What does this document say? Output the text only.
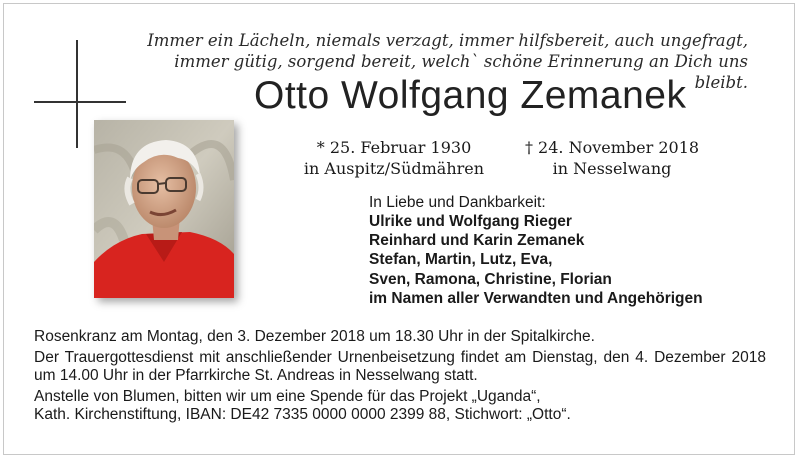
Immer ein Lächeln, niemals verzagt, immer hilfsbereit, auch ungefragt,
immer gütig, sorgend bereit, welch` schöne Erinnerung an Dich uns bleibt.
Otto Wolfgang Zemanek
* 25. Februar 1930
in Auspitz/Südmähren
† 24. November 2018
in Nesselwang
In Liebe und Dankbarkeit:
Ulrike und Wolfgang Rieger
Reinhard und Karin Zemanek
Stefan, Martin, Lutz, Eva,
Sven, Ramona, Christine, Florian
im Namen aller Verwandten und Angehörigen

Rosenkranz am Montag, den 3. Dezember 2018 um 18.30 Uhr in der Spitalkirche.

Der Trauergottesdienst mit anschließender Urnenbeisetzung findet am Dienstag, den 4. Dezember 2018 um 14.00 Uhr in der Pfarrkirche St. Andreas in Nesselwang statt.

Anstelle von Blumen, bitten wir um eine Spende für das Projekt „Uganda“,

Kath. Kirchenstiftung, IBAN: DE42 7335 0000 0000 2399 88, Stichwort: „Otto“.
